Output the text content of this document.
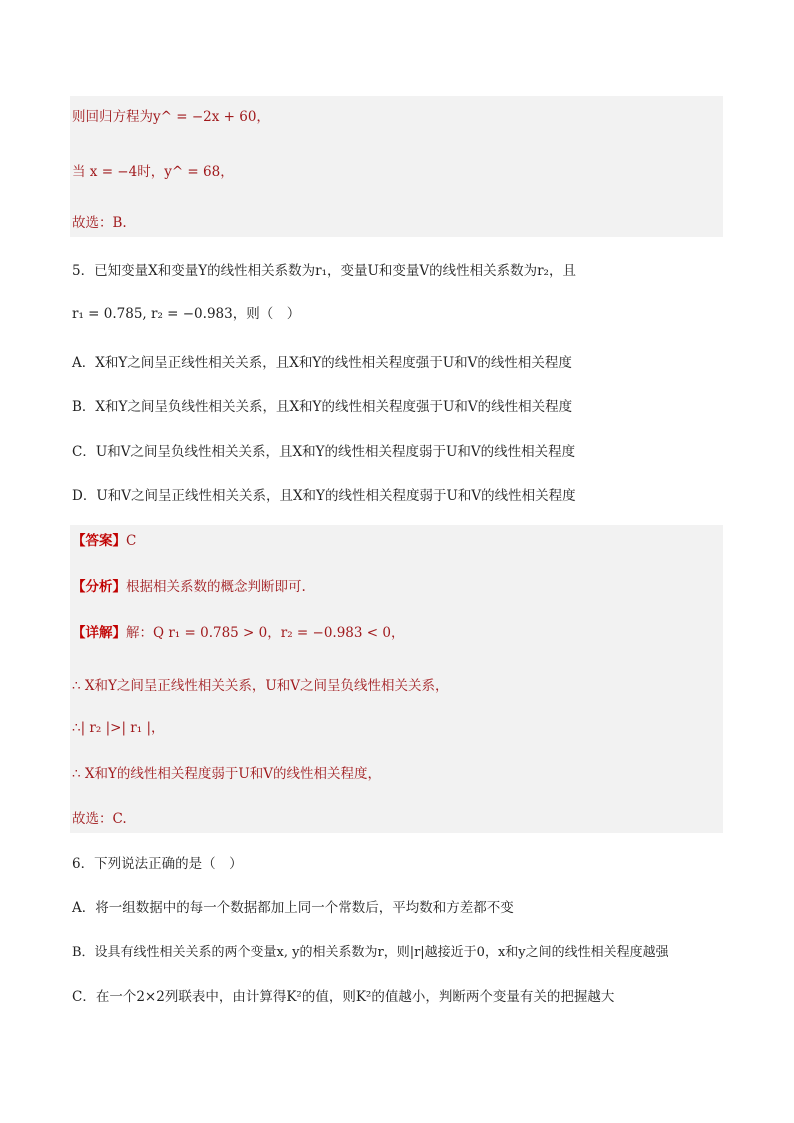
则回归方程为y^ = −2x + 60，
当 x = −4时，y^ = 68，
故选：B.
5．已知变量X和变量Y的线性相关系数为r₁，变量U和变量V的线性相关系数为r₂，且
r₁ = 0.785, r₂ = −0.983，则（　）
A．X和Y之间呈正线性相关关系，且X和Y的线性相关程度强于U和V的线性相关程度
B．X和Y之间呈负线性相关关系，且X和Y的线性相关程度强于U和V的线性相关程度
C．U和V之间呈负线性相关关系，且X和Y的线性相关程度弱于U和V的线性相关程度
D．U和V之间呈正线性相关关系，且X和Y的线性相关程度弱于U和V的线性相关程度
【答案】C
【分析】根据相关系数的概念判断即可.
【详解】解：Q r₁ = 0.785 > 0，r₂ = −0.983 < 0，
∴ X和Y之间呈正线性相关关系，U和V之间呈负线性相关关系，
∴| r₂ |>| r₁ |，
∴ X和Y的线性相关程度弱于U和V的线性相关程度，
故选：C.
6．下列说法正确的是（　）
A．将一组数据中的每一个数据都加上同一个常数后，平均数和方差都不变
B．设具有线性相关关系的两个变量x, y的相关系数为r，则|r|越接近于0，x和y之间的线性相关程度越强
C．在一个2×2列联表中，由计算得K²的值，则K²的值越小，判断两个变量有关的把握越大
